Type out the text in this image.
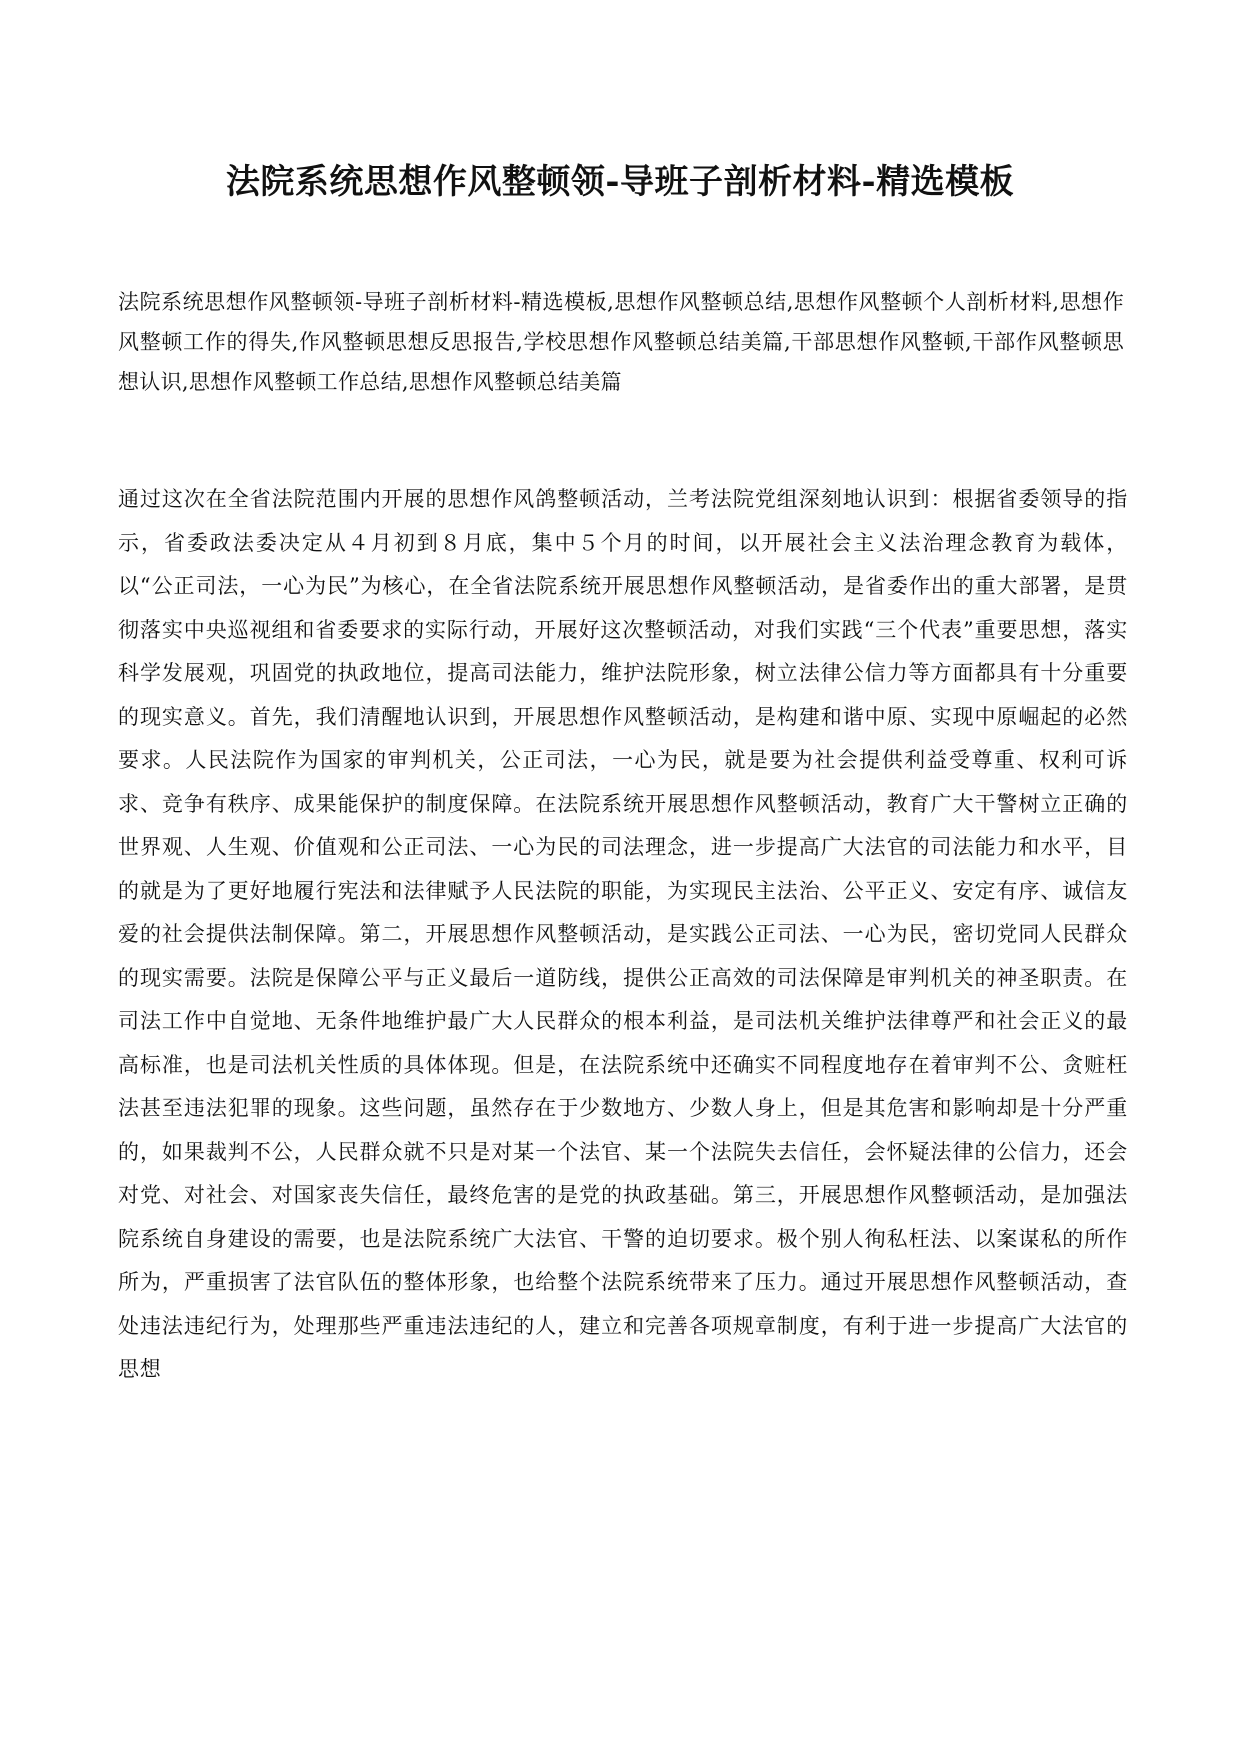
法院系统思想作风整顿领-导班子剖析材料-精选模板

法院系统思想作风整顿领-导班子剖析材料-精选模板,思想作风整顿总结,思想作风整顿个人剖析材料,思想作风整顿工作的得失,作风整顿思想反思报告,学校思想作风整顿总结美篇,干部思想作风整顿,干部作风整顿思想认识,思想作风整顿工作总结,思想作风整顿总结美篇

通过这次在全省法院范围内开展的思想作风鸽整顿活动，兰考法院党组深刻地认识到：根据省委领导的指示，省委政法委决定从４月初到８月底，集中５个月的时间，以开展社会主义法治理念教育为载体，以“公正司法，一心为民”为核心，在全省法院系统开展思想作风整顿活动，是省委作出的重大部署，是贯彻落实中央巡视组和省委要求的实际行动，开展好这次整顿活动，对我们实践“三个代表”重要思想，落实科学发展观，巩固党的执政地位，提高司法能力，维护法院形象，树立法律公信力等方面都具有十分重要的现实意义。首先，我们清醒地认识到，开展思想作风整顿活动，是构建和谐中原、实现中原崛起的必然要求。人民法院作为国家的审判机关，公正司法，一心为民，就是要为社会提供利益受尊重、权利可诉求、竞争有秩序、成果能保护的制度保障。在法院系统开展思想作风整顿活动，教育广大干警树立正确的世界观、人生观、价值观和公正司法、一心为民的司法理念，进一步提高广大法官的司法能力和水平，目的就是为了更好地履行宪法和法律赋予人民法院的职能，为实现民主法治、公平正义、安定有序、诚信友爱的社会提供法制保障。第二，开展思想作风整顿活动，是实践公正司法、一心为民，密切党同人民群众的现实需要。法院是保障公平与正义最后一道防线，提供公正高效的司法保障是审判机关的神圣职责。在司法工作中自觉地、无条件地维护最广大人民群众的根本利益，是司法机关维护法律尊严和社会正义的最高标准，也是司法机关性质的具体体现。但是，在法院系统中还确实不同程度地存在着审判不公、贪赃枉法甚至违法犯罪的现象。这些问题，虽然存在于少数地方、少数人身上，但是其危害和影响却是十分严重的，如果裁判不公，人民群众就不只是对某一个法官、某一个法院失去信任，会怀疑法律的公信力，还会对党、对社会、对国家丧失信任，最终危害的是党的执政基础。第三，开展思想作风整顿活动，是加强法院系统自身建设的需要，也是法院系统广大法官、干警的迫切要求。极个别人徇私枉法、以案谋私的所作所为，严重损害了法官队伍的整体形象，也给整个法院系统带来了压力。通过开展思想作风整顿活动，查处违法违纪行为，处理那些严重违法违纪的人，建立和完善各项规章制度，有利于进一步提高广大法官的思想
